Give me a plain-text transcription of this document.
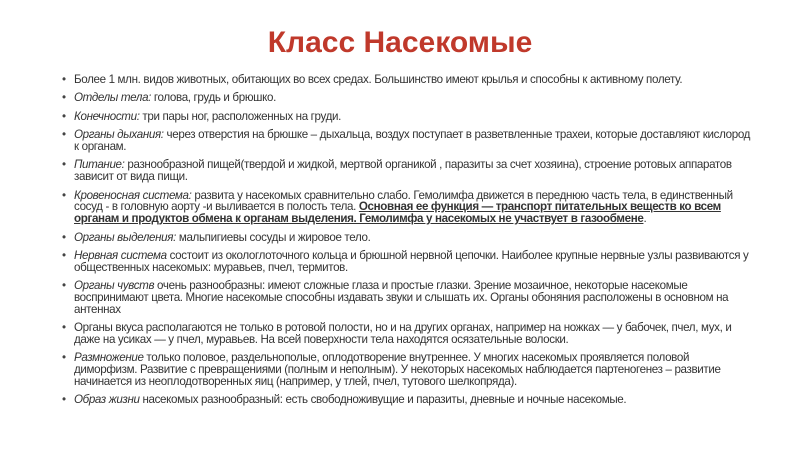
Класс Насекомые
• Более 1 млн. видов животных, обитающих во всех средах. Большинство имеют крылья и способны к активному полету.
• Отделы тела: голова, грудь и брюшко.
• Конечности: три пары ног, расположенных на груди.
• Органы дыхания: через отверстия на брюшке – дыхальца, воздух поступает в разветвленные трахеи, которые доставляют кислород к органам.
• Питание: разнообразной пищей(твердой и жидкой, мертвой органикой , паразиты за счет хозяина), строение ротовых аппаратов зависит от вида пищи.
• Кровеносная система: развита у насекомых сравнительно слабо. Гемолимфа движется в переднюю часть тела, в единственный сосуд - в головную аорту -и выливается в полость тела. Основная ее функция — транспорт питательных веществ ко всем органам и продуктов обмена к органам выделения. Гемолимфа у насекомых не участвует в газообмене.
• Органы выделения: мальпигиевы сосуды и жировое тело.
• Нервная система состоит из окологлоточного кольца и брюшной нервной цепочки. Наиболее крупные нервные узлы развиваются у общественных насекомых: муравьев, пчел, термитов.
• Органы чувств очень разнообразны: имеют сложные глаза и простые глазки. Зрение мозаичное, некоторые насекомые воспринимают цвета. Многие насекомые способны издавать звуки и слышать их. Органы обоняния расположены в основном на антеннах
• Органы вкуса располагаются не только в ротовой полости, но и на других органах, например на ножках — у бабочек, пчел, мух, и даже на усиках — у пчел, муравьев. На всей поверхности тела находятся осязательные волоски.
• Размножение только половое, раздельнополые, оплодотворение внутреннее. У многих насекомых проявляется половой диморфизм. Развитие с превращениями (полным и неполным). У некоторых насекомых наблюдается партеногенез – развитие начинается из неоплодотворенных яиц (например, у тлей, пчел, тутового шелкопряда).
• Образ жизни насекомых разнообразный: есть свободноживущие и паразиты, дневные и ночные насекомые.
